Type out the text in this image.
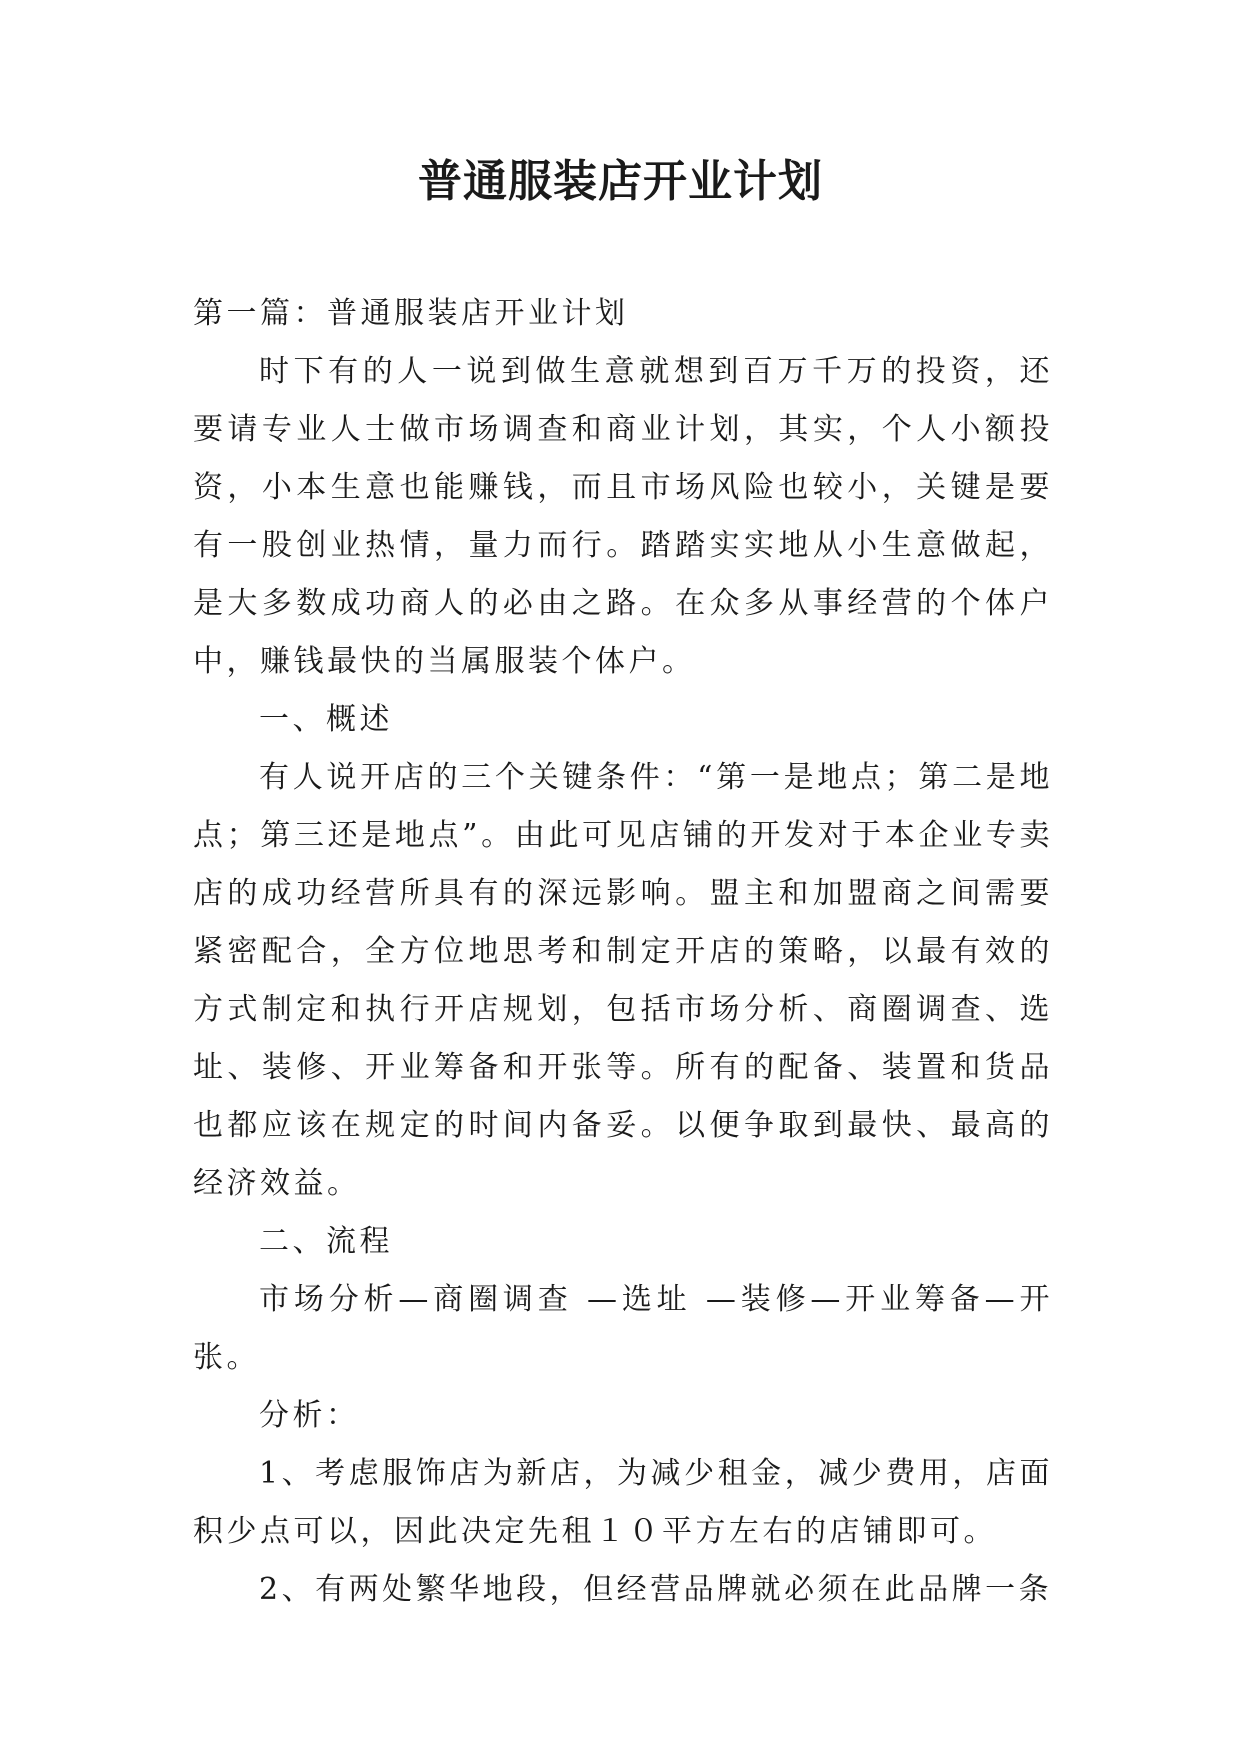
普通服装店开业计划

第一篇：普通服装店开业计划

时下有的人一说到做生意就想到百万千万的投资，还要请专业人士做市场调查和商业计划，其实，个人小额投资，小本生意也能赚钱，而且市场风险也较小，关键是要有一股创业热情，量力而行。踏踏实实地从小生意做起，是大多数成功商人的必由之路。在众多从事经营的个体户中，赚钱最快的当属服装个体户。

一、概述

有人说开店的三个关键条件：“第一是地点；第二是地点；第三还是地点”。由此可见店铺的开发对于本企业专卖店的成功经营所具有的深远影响。盟主和加盟商之间需要紧密配合，全方位地思考和制定开店的策略，以最有效的方式制定和执行开店规划，包括市场分析、商圈调查、选址、装修、开业筹备和开张等。所有的配备、装置和货品也都应该在规定的时间内备妥。以便争取到最快、最高的经济效益。

二、流程

市场分析—商圈调查 —选址 —装修—开业筹备—开张。

分析：

1、考虑服饰店为新店，为减少租金，减少费用，店面积少点可以，因此决定先租１０平方左右的店铺即可。

2、有两处繁华地段，但经营品牌就必须在此品牌一条
